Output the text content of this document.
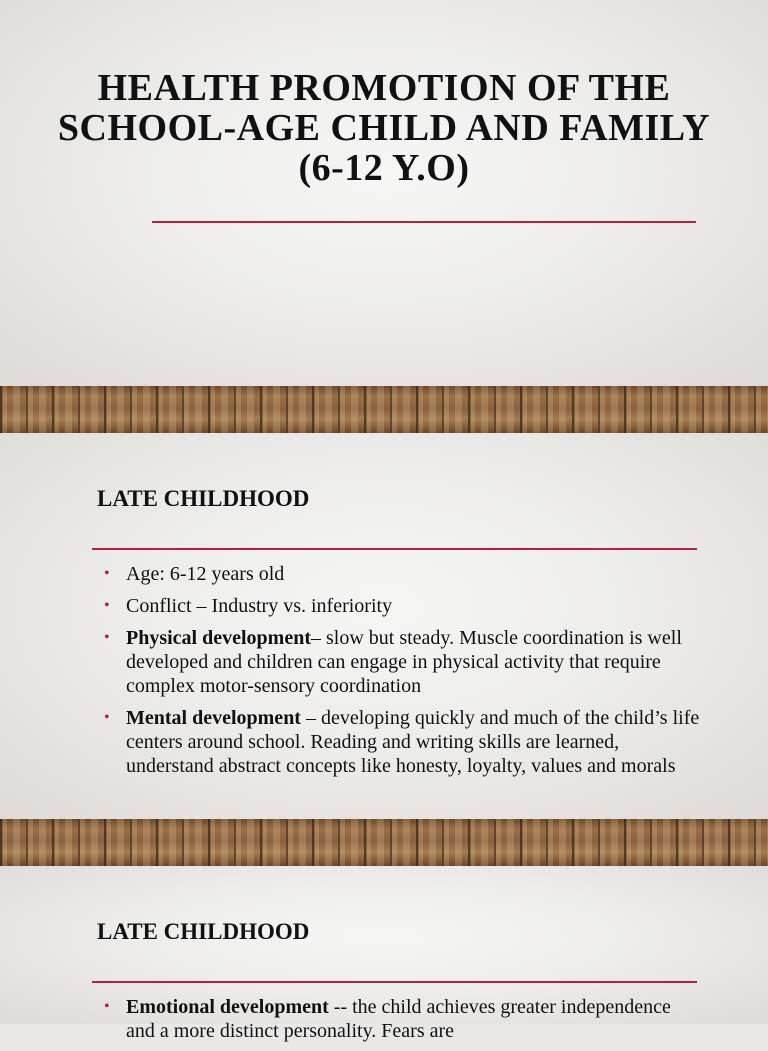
HEALTH PROMOTION OF THE
SCHOOL-AGE CHILD AND FAMILY
(6-12 Y.O)
LATE CHILDHOOD
• Age: 6-12 years old
• Conflict – Industry vs. inferiority
• Physical development– slow but steady. Muscle coordination is well developed and children can engage in physical activity that require complex motor-sensory coordination
• Mental development – developing quickly and much of the child’s life centers around school. Reading and writing skills are learned, understand abstract concepts like honesty, loyalty, values and morals
LATE CHILDHOOD
• Emotional development -- the child achieves greater independence and a more distinct personality. Fears are
